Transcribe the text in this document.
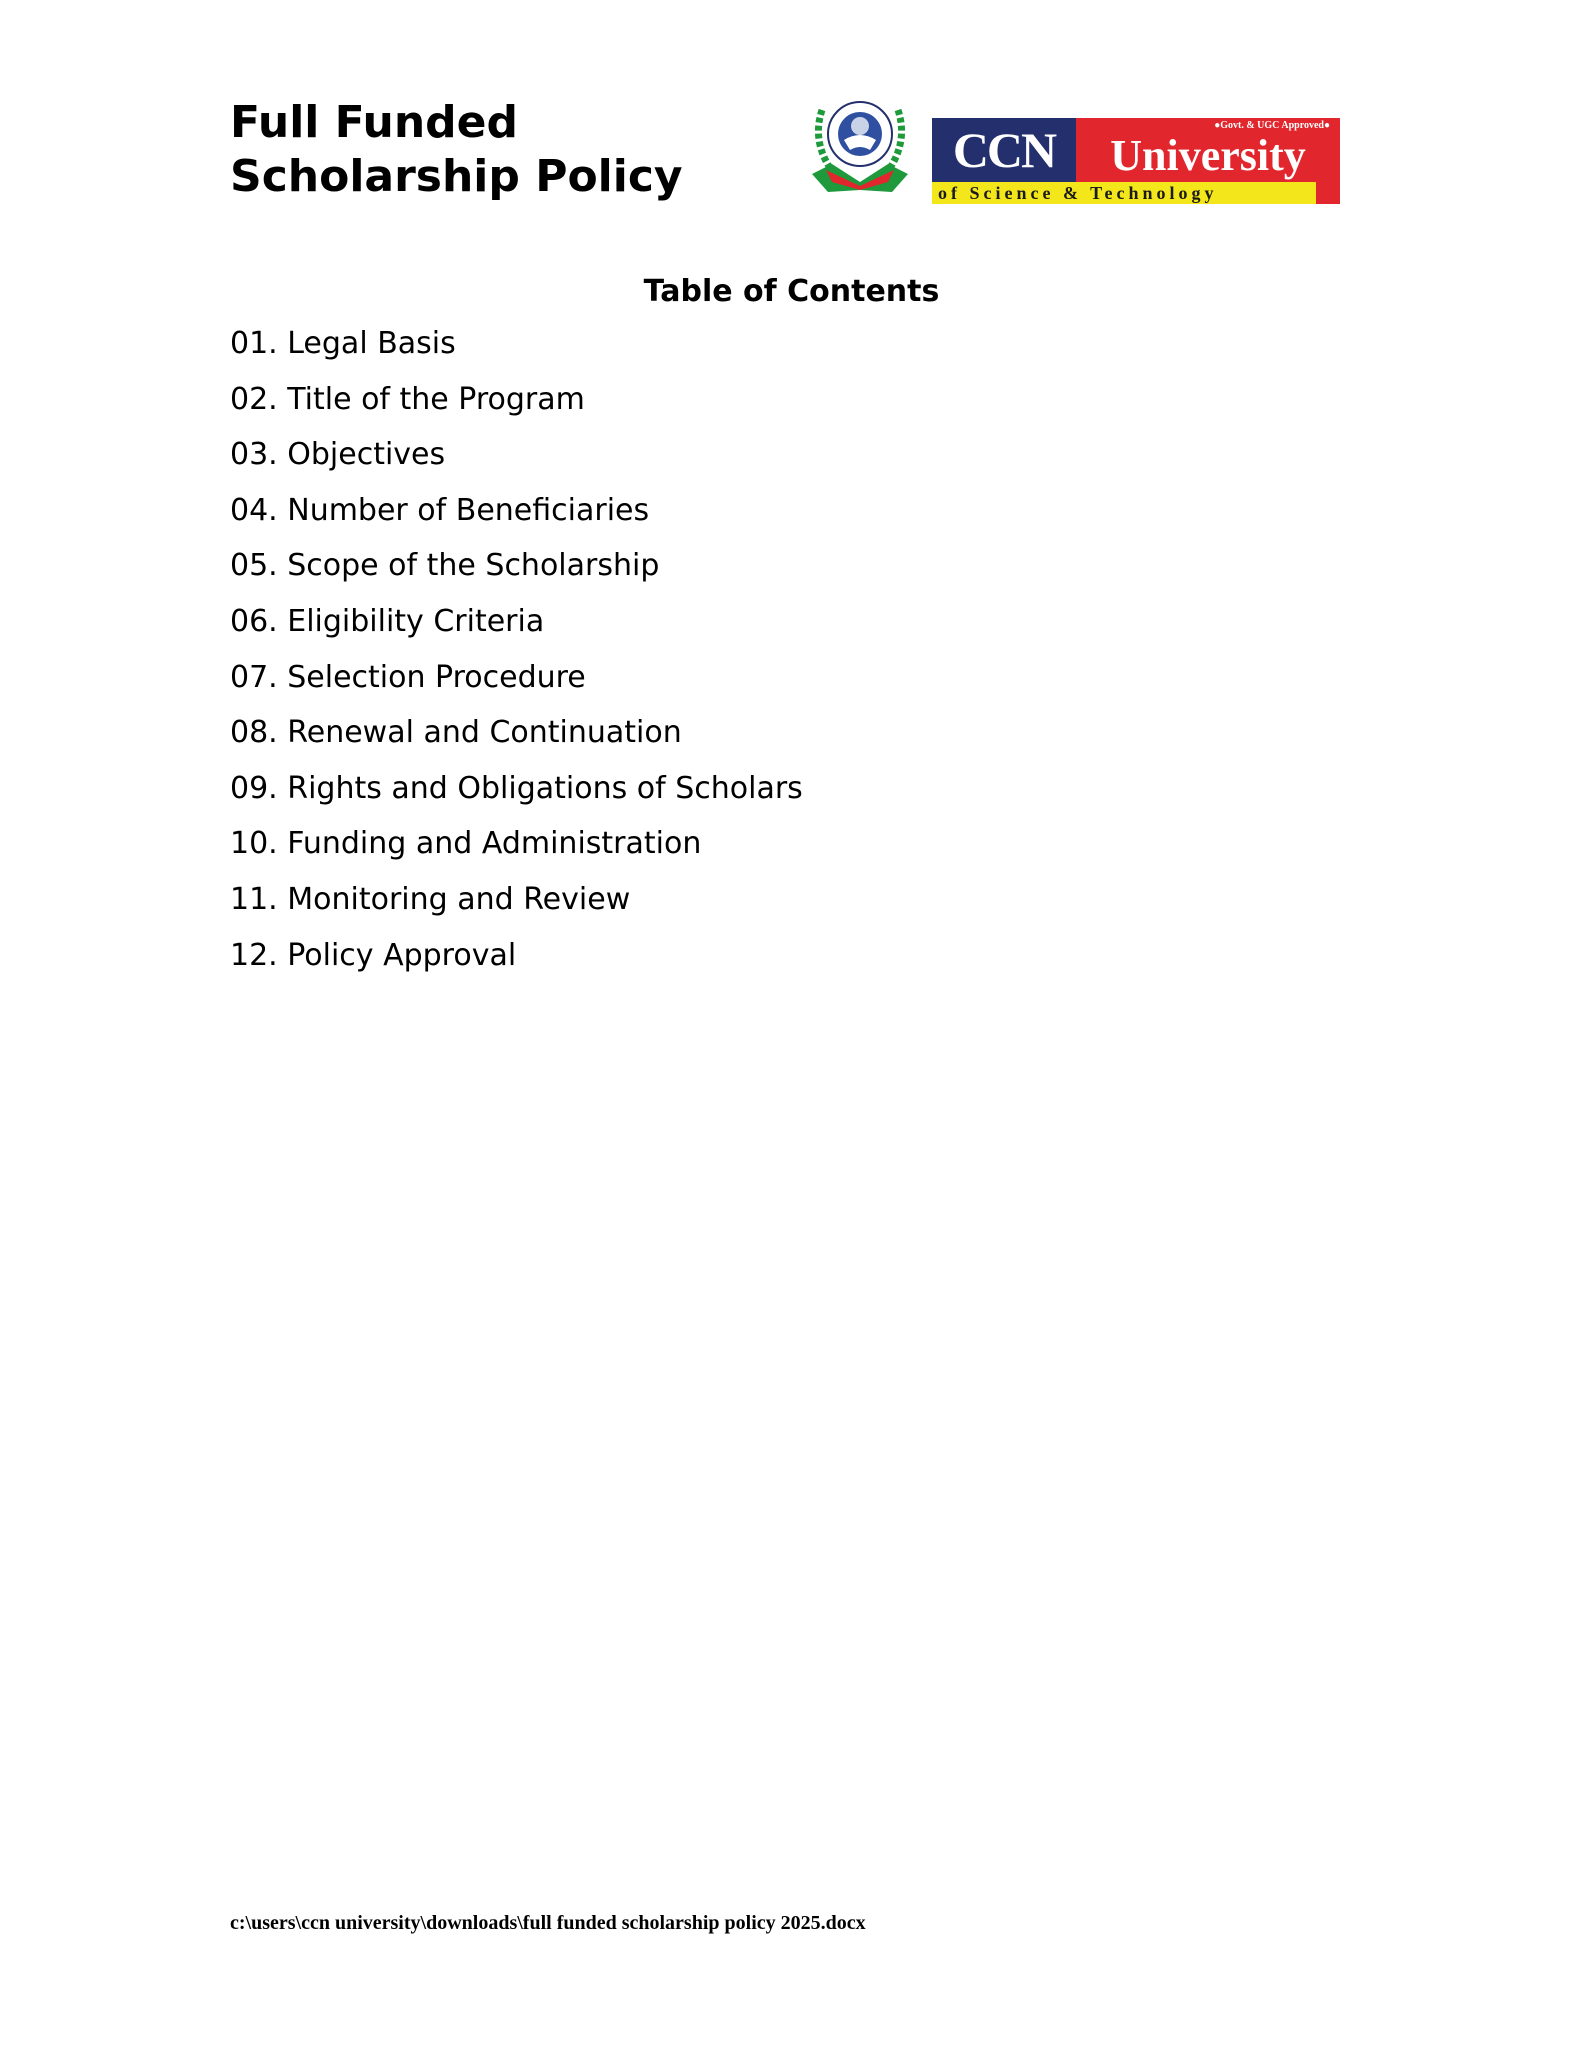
Full Funded
Scholarship Policy	CCN	●Govt. & UGC Approved●
University
of Science & Technology
Table of Contents
01. Legal Basis
02. Title of the Program
03. Objectives
04. Number of Beneficiaries
05. Scope of the Scholarship
06. Eligibility Criteria
07. Selection Procedure
08. Renewal and Continuation
09. Rights and Obligations of Scholars
10. Funding and Administration
11. Monitoring and Review
12. Policy Approval
c:\users\ccn university\downloads\full funded scholarship policy 2025.docx
